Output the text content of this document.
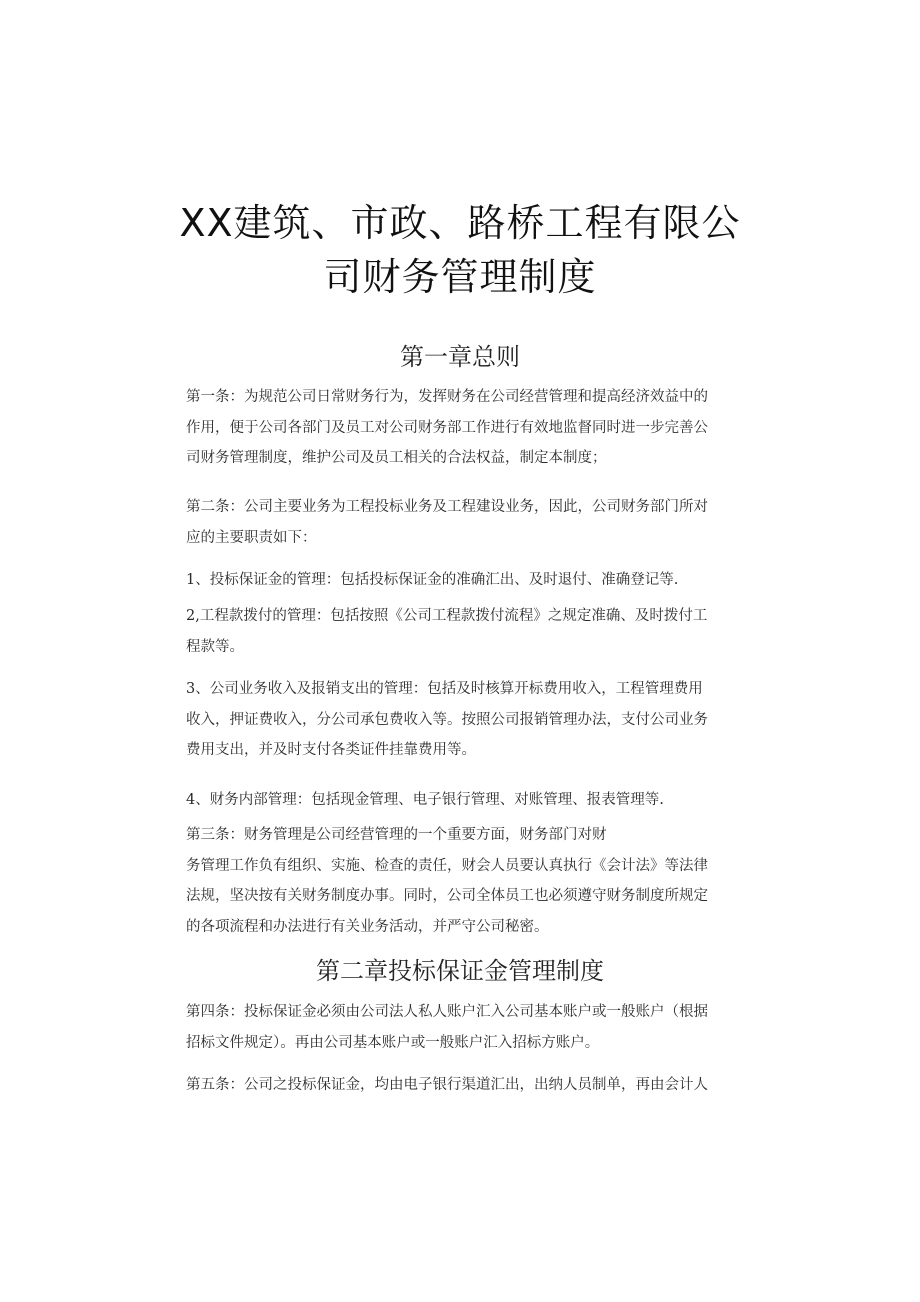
XX建筑、市政、路桥工程有限公
司财务管理制度
第一章总则

第一条：为规范公司日常财务行为，发挥财务在公司经营管理和提高经济效益中的
作用，便于公司各部门及员工对公司财务部工作进行有效地监督同时进一步完善公
司财务管理制度，维护公司及员工相关的合法权益，制定本制度；

第二条：公司主要业务为工程投标业务及工程建设业务，因此，公司财务部门所对
应的主要职责如下：

1、投标保证金的管理：包括投标保证金的准确汇出、及时退付、准确登记等.

2,工程款拨付的管理：包括按照《公司工程款拨付流程》之规定准确、及时拨付工
程款等。

3、公司业务收入及报销支出的管理：包括及时核算开标费用收入，工程管理费用
收入，押证费收入，分公司承包费收入等。按照公司报销管理办法，支付公司业务
费用支出，并及时支付各类证件挂靠费用等。

4、财务内部管理：包括现金管理、电子银行管理、对账管理、报表管理等.

第三条：财务管理是公司经营管理的一个重要方面，财务部门对财
务管理工作负有组织、实施、检查的责任，财会人员要认真执行《会计法》等法律
法规，坚决按有关财务制度办事。同时，公司全体员工也必须遵守财务制度所规定
的各项流程和办法进行有关业务活动，并严守公司秘密。

第二章投标保证金管理制度

第四条：投标保证金必须由公司法人私人账户汇入公司基本账户或一般账户（根据
招标文件规定）。再由公司基本账户或一般账户汇入招标方账户。

第五条：公司之投标保证金，均由电子银行渠道汇出，出纳人员制单，再由会计人
